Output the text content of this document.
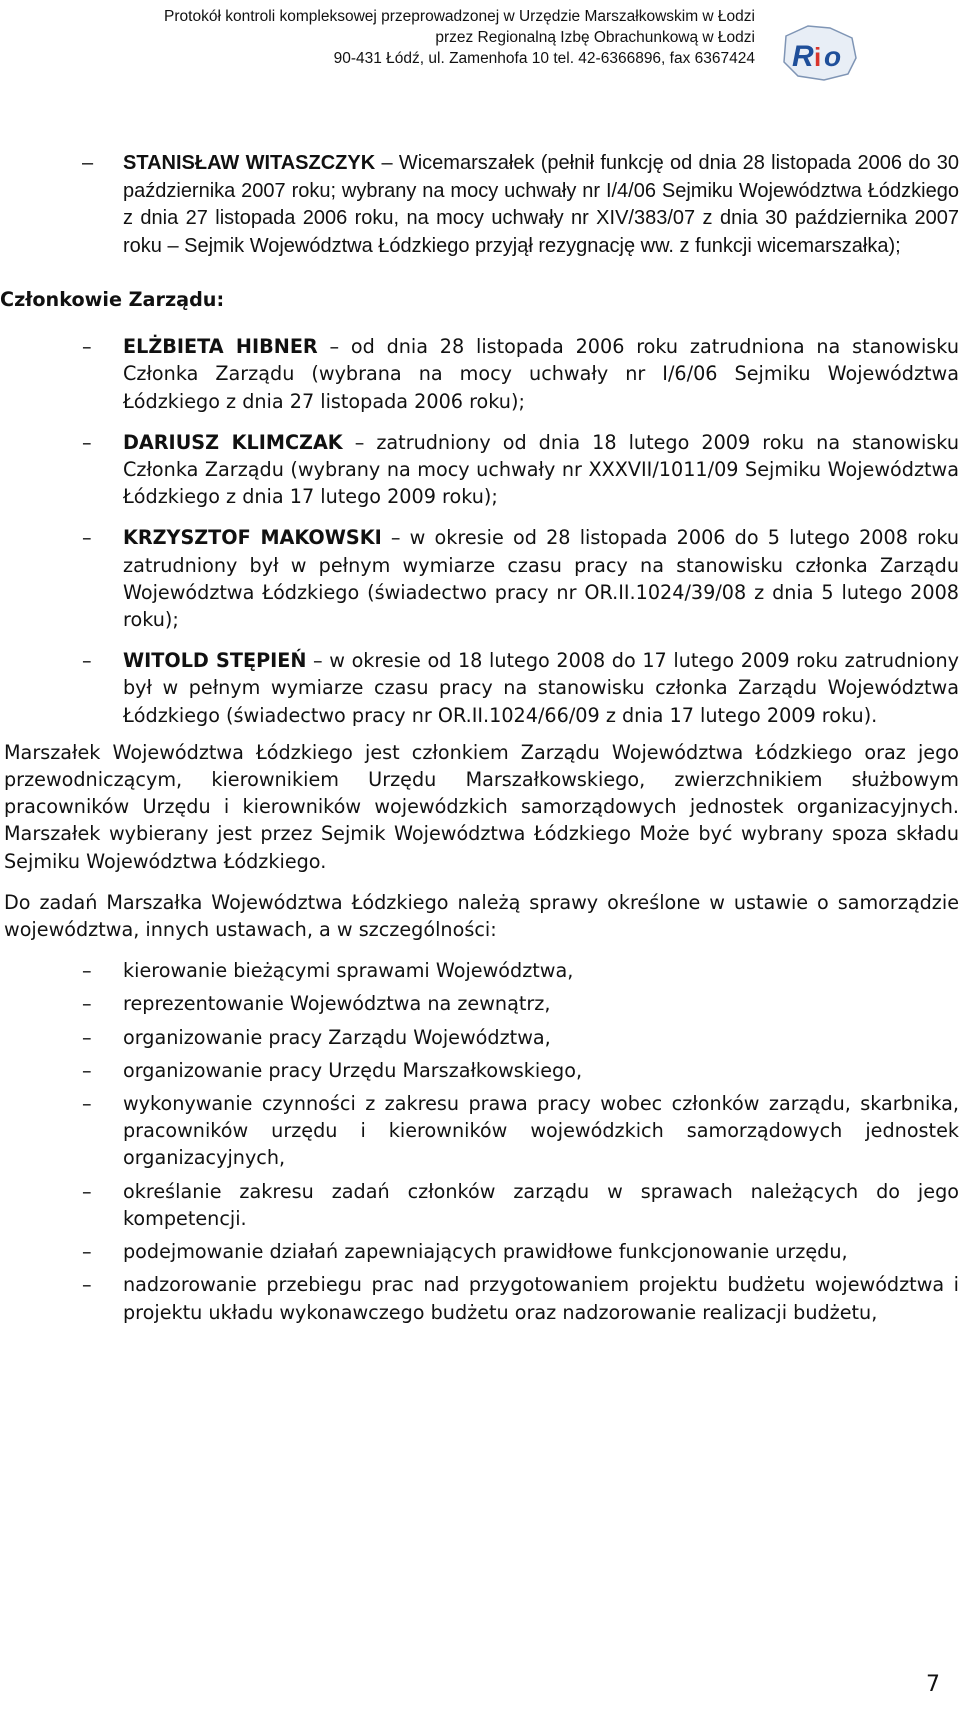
Protokół kontroli kompleksowej przeprowadzonej w Urzędzie Marszałkowskim w Łodzi
przez Regionalną Izbę Obrachunkową w Łodzi
90-431 Łódź, ul. Zamenhofa 10 tel. 42-6366896, fax 6367424 R i o
– STANISŁAW WITASZCZYK – Wicemarszałek (pełnił funkcję od dnia 28 listopada 2006 do 30 października 2007 roku; wybrany na mocy uchwały nr I/4/06 Sejmiku Województwa Łódzkiego z dnia 27 listopada 2006 roku, na mocy uchwały nr XIV/383/07 z dnia 30 października 2007 roku – Sejmik Województwa Łódzkiego przyjął rezygnację ww. z funkcji wicemarszałka);
Członkowie Zarządu:
– ELŻBIETA HIBNER – od dnia 28 listopada 2006 roku zatrudniona na stanowisku Członka Zarządu (wybrana na mocy uchwały nr I/6/06 Sejmiku Województwa Łódzkiego z dnia 27 listopada 2006 roku);
– DARIUSZ KLIMCZAK – zatrudniony od dnia 18 lutego 2009 roku na stanowisku Członka Zarządu (wybrany na mocy uchwały nr XXXVII/1011/09 Sejmiku Województwa Łódzkiego z dnia 17 lutego 2009 roku);
– KRZYSZTOF MAKOWSKI – w okresie od 28 listopada 2006 do 5 lutego 2008 roku zatrudniony był w pełnym wymiarze czasu pracy na stanowisku członka Zarządu Województwa Łódzkiego (świadectwo pracy nr OR.II.1024/39/08 z dnia 5 lutego 2008 roku);
– WITOLD STĘPIEŃ – w okresie od 18 lutego 2008 do 17 lutego 2009 roku zatrudniony był w pełnym wymiarze czasu pracy na stanowisku członka Zarządu Województwa Łódzkiego (świadectwo pracy nr OR.II.1024/66/09 z dnia 17 lutego 2009 roku).
Marszałek Województwa Łódzkiego jest członkiem Zarządu Województwa Łódzkiego oraz jego przewodniczącym, kierownikiem Urzędu Marszałkowskiego, zwierzchnikiem służbowym pracowników Urzędu i kierowników wojewódzkich samorządowych jednostek organizacyjnych. Marszałek wybierany jest przez Sejmik Województwa Łódzkiego Może być wybrany spoza składu Sejmiku Województwa Łódzkiego.
Do zadań Marszałka Województwa Łódzkiego należą sprawy określone w ustawie o samorządzie województwa, innych ustawach, a w szczególności:
– kierowanie bieżącymi sprawami Województwa,
– reprezentowanie Województwa na zewnątrz,
– organizowanie pracy Zarządu Województwa,
– organizowanie pracy Urzędu Marszałkowskiego,
– wykonywanie czynności z zakresu prawa pracy wobec członków zarządu, skarbnika, pracowników urzędu i kierowników wojewódzkich samorządowych jednostek organizacyjnych,
– określanie zakresu zadań członków zarządu w sprawach należących do jego kompetencji.
– podejmowanie działań zapewniających prawidłowe funkcjonowanie urzędu,
– nadzorowanie przebiegu prac nad przygotowaniem projektu budżetu województwa i projektu układu wykonawczego budżetu oraz nadzorowanie realizacji budżetu,
7
